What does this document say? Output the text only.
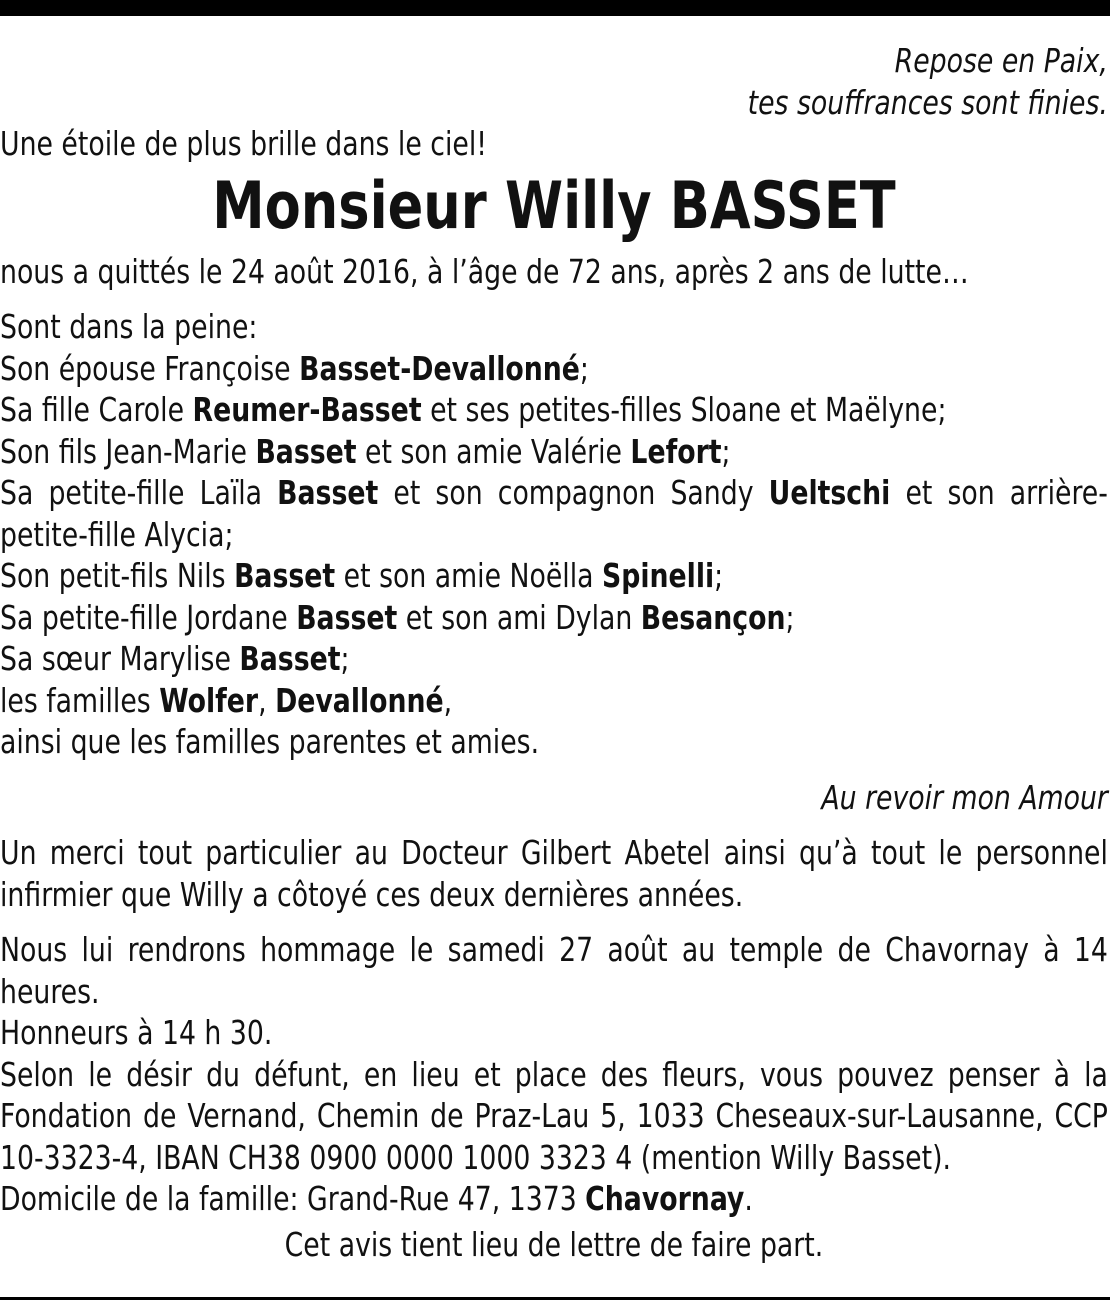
Repose en Paix,

tes souffrances sont finies.

Une étoile de plus brille dans le ciel!

Monsieur Willy BASSET

nous a quittés le 24 août 2016, à l’âge de 72 ans, après 2 ans de lutte…

Sont dans la peine:

Son épouse Françoise Basset-Devallonné;

Sa fille Carole Reumer-Basset et ses petites-filles Sloane et Maëlyne;

Son fils Jean-Marie Basset et son amie Valérie Lefort;

Sa petite-fille Laïla Basset et son compagnon Sandy Ueltschi et son arrière-petite-fille Alycia;

Son petit-fils Nils Basset et son amie Noëlla Spinelli;

Sa petite-fille Jordane Basset et son ami Dylan Besançon;

Sa sœur Marylise Basset;

les familles Wolfer, Devallonné,

ainsi que les familles parentes et amies.

Au revoir mon Amour

Un merci tout particulier au Docteur Gilbert Abetel ainsi qu’à tout le personnel infirmier que Willy a côtoyé ces deux dernières années.

Nous lui rendrons hommage le samedi 27 août au temple de Chavornay à 14 heures.

Honneurs à 14 h 30.

Selon le désir du défunt, en lieu et place des fleurs, vous pouvez penser à la Fondation de Vernand, Chemin de Praz-Lau 5, 1033 Cheseaux-sur-Lausanne, CCP 10-3323-4, IBAN CH38 0900 0000 1000 3323 4 (mention Willy Basset).

Domicile de la famille: Grand-Rue 47, 1373 Chavornay.

Cet avis tient lieu de lettre de faire part.
